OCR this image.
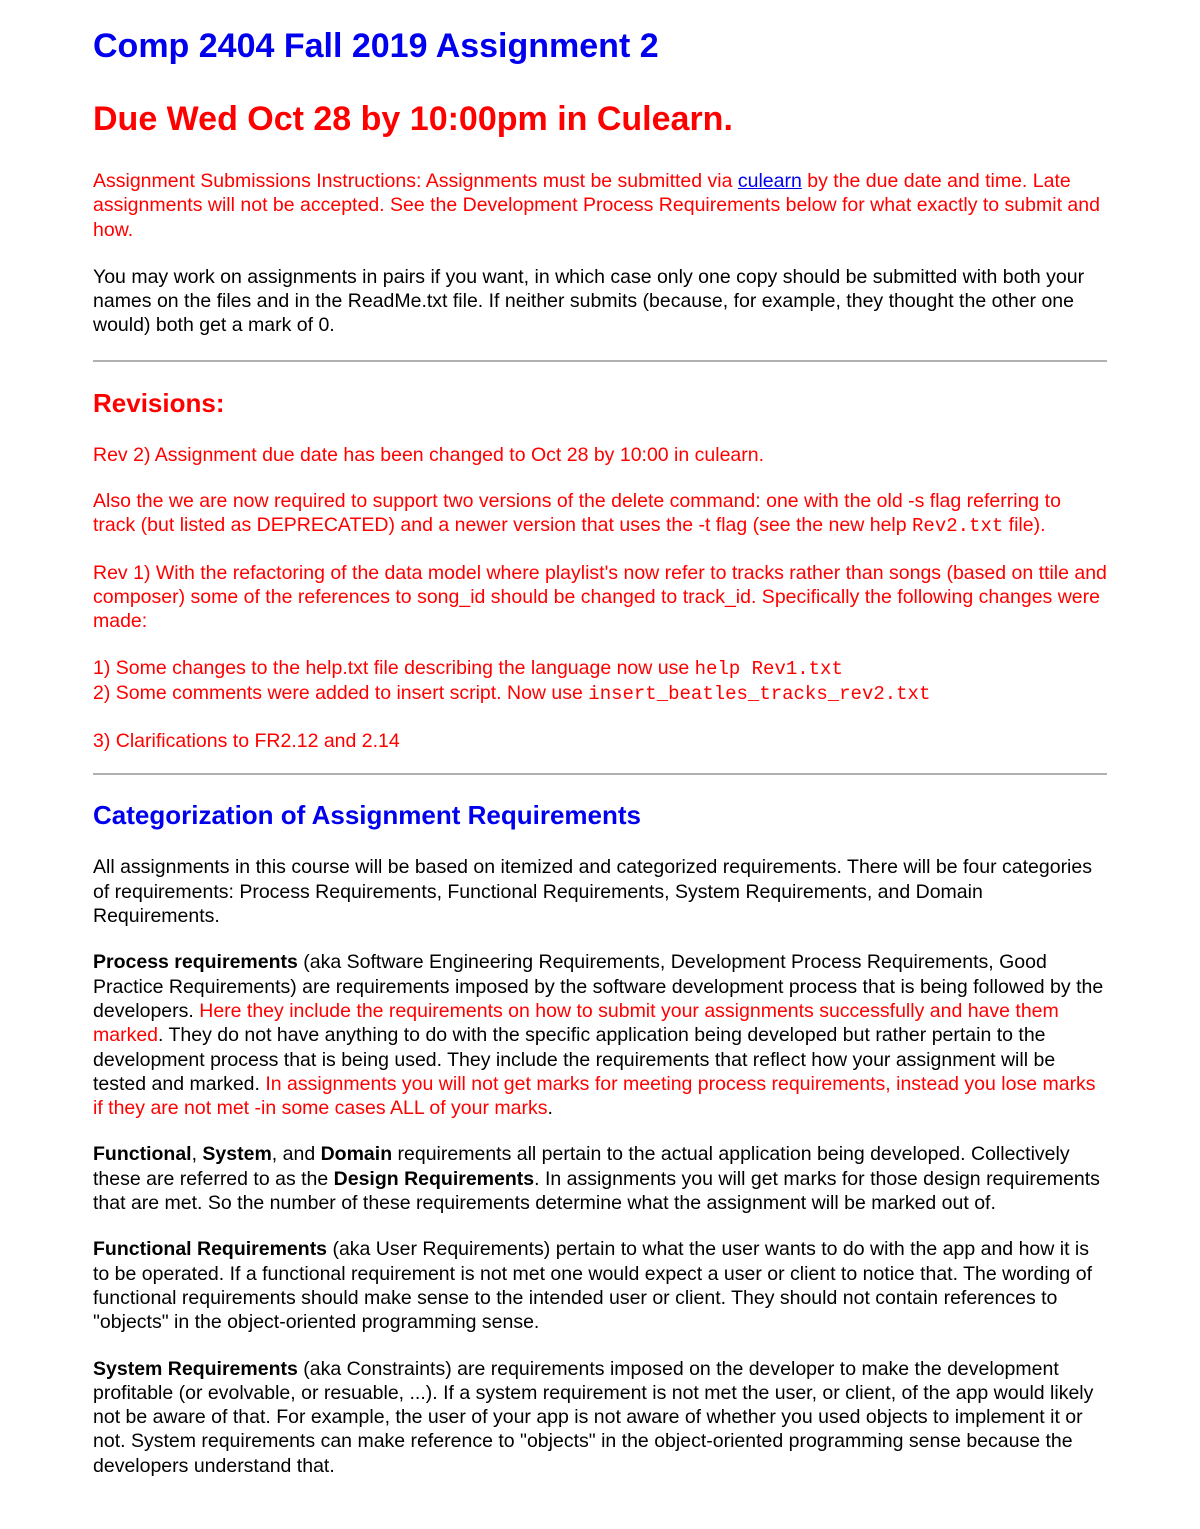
Comp 2404 Fall 2019 Assignment 2
Due Wed Oct 28 by 10:00pm in Culearn.

Assignment Submissions Instructions: Assignments must be submitted via culearn by the due date and time. Late assignments will not be accepted. See the Development Process Requirements below for what exactly to submit and how.

You may work on assignments in pairs if you want, in which case only one copy should be submitted with both your names on the files and in the ReadMe.txt file. If neither submits (because, for example, they thought the other one would) both get a mark of 0.

Revisions:

Rev 2) Assignment due date has been changed to Oct 28 by 10:00 in culearn.

Also the we are now required to support two versions of the delete command: one with the old -s flag referring to track (but listed as DEPRECATED) and a newer version that uses the -t flag (see the new help Rev2.txt file).

Rev 1) With the refactoring of the data model where playlist's now refer to tracks rather than songs (based on ttile and composer) some of the references to song_id should be changed to track_id. Specifically the following changes were made:

1) Some changes to the help.txt file describing the language now use help Rev1.txt
2) Some comments were added to insert script. Now use insert_beatles_tracks_rev2.txt

3) Clarifications to FR2.12 and 2.14

Categorization of Assignment Requirements

All assignments in this course will be based on itemized and categorized requirements. There will be four categories of requirements: Process Requirements, Functional Requirements, System Requirements, and Domain Requirements.

Process requirements (aka Software Engineering Requirements, Development Process Requirements, Good Practice Requirements) are requirements imposed by the software development process that is being followed by the developers. Here they include the requirements on how to submit your assignments successfully and have them marked. They do not have anything to do with the specific application being developed but rather pertain to the development process that is being used. They include the requirements that reflect how your assignment will be tested and marked. In assignments you will not get marks for meeting process requirements, instead you lose marks if they are not met -in some cases ALL of your marks.

Functional, System, and Domain requirements all pertain to the actual application being developed. Collectively these are referred to as the Design Requirements. In assignments you will get marks for those design requirements that are met. So the number of these requirements determine what the assignment will be marked out of.

Functional Requirements (aka User Requirements) pertain to what the user wants to do with the app and how it is to be operated. If a functional requirement is not met one would expect a user or client to notice that. The wording of functional requirements should make sense to the intended user or client. They should not contain references to "objects" in the object-oriented programming sense.

System Requirements (aka Constraints) are requirements imposed on the developer to make the development profitable (or evolvable, or resuable, ...). If a system requirement is not met the user, or client, of the app would likely not be aware of that. For example, the user of your app is not aware of whether you used objects to implement it or not. System requirements can make reference to "objects" in the object-oriented programming sense because the developers understand that.
